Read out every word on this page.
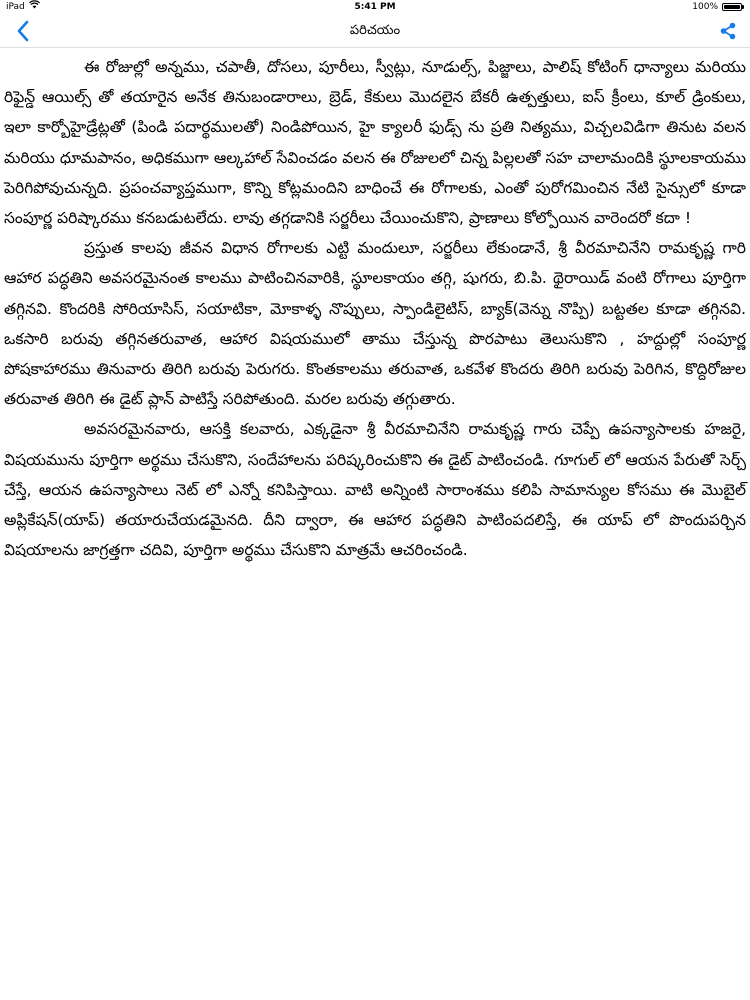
iPad	5:41 PM	100%
పరిచయం

ఈ రోజుల్లో అన్నము, చపాతీ, దోసలు, పూరీలు, స్వీట్లు, నూడుల్స్, పిజ్జాలు, పాలిష్ కోటింగ్ ధాన్యాలు మరియు రిఫైన్డ్ ఆయిల్స్ తో తయారైన అనేక తినుబండారాలు, బ్రెడ్, కేకులు మొదలైన బేకరీ ఉత్పత్తులు, ఐస్ క్రీంలు, కూల్ డ్రింకులు, ఇలా కార్బోహైడ్రేట్లతో (పిండి పదార్థములతో) నిండిపోయిన, హై క్యాలరీ ఫుడ్స్ ను ప్రతి నిత్యము, విచ్చలవిడిగా తినుట వలన మరియు ధూమపానం, అధికముగా ఆల్కహాల్ సేవించడం వలన ఈ రోజులలో చిన్న పిల్లలతో సహ చాలామందికి స్థూలకాయము పెరిగిపోవుచున్నది. ప్రపంచవ్యాప్తముగా, కొన్ని కోట్లమందిని బాధించే ఈ రోగాలకు, ఎంతో పురోగమించిన నేటి సైన్సులో కూడా సంపూర్ణ పరిష్కారము కనబడుటలేదు. లావు తగ్గడానికి సర్జరీలు చేయించుకొని, ప్రాణాలు కోల్పోయిన వారెందరో కదా !

ప్రస్తుత కాలపు జీవన విధాన రోగాలకు ఎట్టి మందులూ, సర్జరీలు లేకుండానే, శ్రీ వీరమాచినేని రామకృష్ణ గారి ఆహార పద్ధతిని అవసరమైనంత కాలము పాటించినవారికి, స్థూలకాయం తగ్గి, షుగరు, బి.పి. థైరాయిడ్ వంటి రోగాలు పూర్తిగా తగ్గినవి. కొందరికి సోరియాసిస్, సయాటికా, మోకాళ్ళ నొప్పులు, స్పాండిలైటిస్, బ్యాక్(వెన్ను నొప్పి) బట్టతల కూడా తగ్గినవి. ఒకసారి బరువు తగ్గినతరువాత, ఆహార విషయములో తాము చేస్తున్న పొరపాటు తెలుసుకొని , హద్దుల్లో సంపూర్ణ పోషకాహారము తినువారు తిరిగి బరువు పెరుగరు. కొంతకాలము తరువాత, ఒకవేళ కొందరు తిరిగి బరువు పెరిగిన, కొద్దిరోజుల తరువాత తిరిగి ఈ డైట్ ప్లాన్ పాటిస్తే సరిపోతుంది. మరల బరువు తగ్గుతారు.

అవసరమైనవారు, ఆసక్తి కలవారు, ఎక్కడైనా శ్రీ వీరమాచినేని రామకృష్ణ గారు చెప్పే ఉపన్యాసాలకు హజరై, విషయమును పూర్తిగా అర్థము చేసుకొని, సందేహాలను పరిష్కరించుకొని ఈ డైట్ పాటించండి. గూగుల్ లో ఆయన పేరుతో సెర్చ్ చేస్తే, ఆయన ఉపన్యాసాలు నెట్ లో ఎన్నో కనిపిస్తాయి. వాటి అన్నింటి సారాంశము కలిపి సామాన్యుల కోసము ఈ మొబైల్ అప్లికేషన్(యాప్) తయారుచేయడమైనది. దీని ద్వారా, ఈ ఆహార పద్ధతిని పాటింపదలిస్తే, ఈ యాప్ లో పొందుపర్చిన విషయాలను జాగ్రత్తగా చదివి, పూర్తిగా అర్థము చేసుకొని మాత్రమే ఆచరించండి.
